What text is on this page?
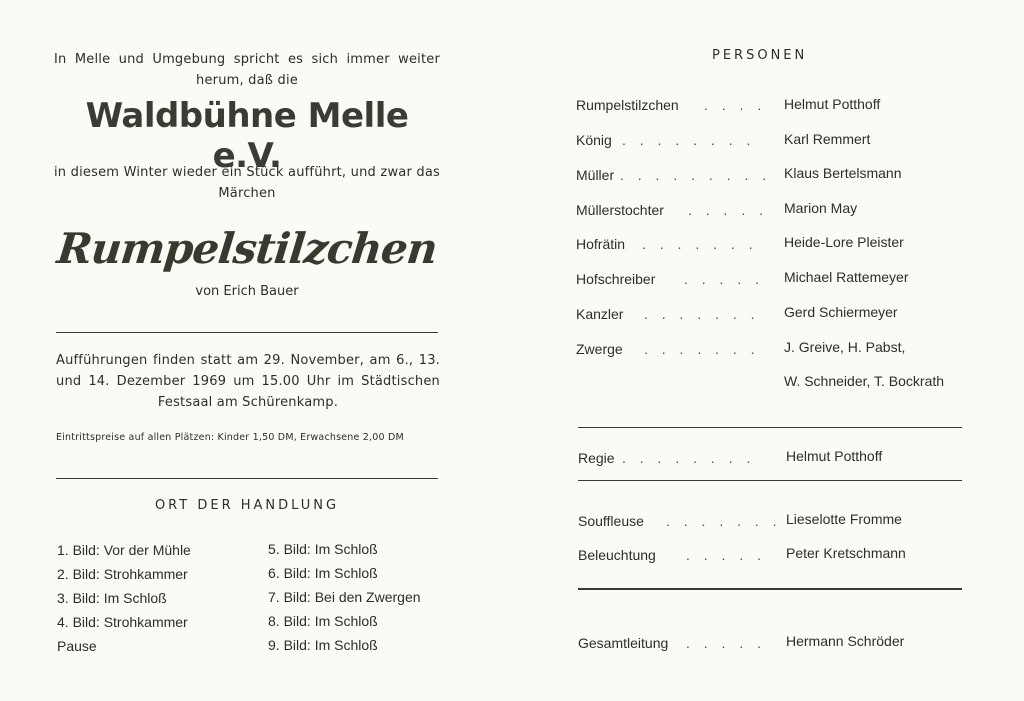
In Melle und Umgebung spricht es sich immer weiter herum, daß die
Waldbühne Melle e.V.
in diesem Winter wieder ein Stück aufführt, und zwar das Märchen
Rumpelstilzchen
von Erich Bauer
Aufführungen finden statt am 29. November, am 6., 13. und 14. Dezember 1969 um 15.00 Uhr im Städtischen Festsaal am Schürenkamp.
Eintrittspreise auf allen Plätzen: Kinder 1,50 DM, Erwachsene 2,00 DM
ORT DER HANDLUNG
1. Bild: Vor der Mühle
2. Bild: Strohkammer
3. Bild: Im Schloß
4. Bild: Strohkammer
Pause
5. Bild: Im Schloß
6. Bild: Im Schloß
7. Bild: Bei den Zwergen
8. Bild: Im Schloß
9. Bild: Im Schloß
PERSONEN
Rumpelstilzchen . . . . Helmut Potthoff
König . . . . . . . . Karl Remmert
Müller . . . . . . . . . Klaus Bertelsmann
Müllerstochter . . . . . Marion May
Hofrätin . . . . . . . Heide-Lore Pleister
Hofschreiber . . . . . Michael Rattemeyer
Kanzler . . . . . . . Gerd Schiermeyer
Zwerge . . . . . . . J. Greive, H. Pabst,
W. Schneider, T. Bockrath
Regie . . . . . . . . Helmut Potthoff
Souffleuse . . . . . . . Lieselotte Fromme
Beleuchtung . . . . . Peter Kretschmann
Gesamtleitung . . . . . Hermann Schröder
